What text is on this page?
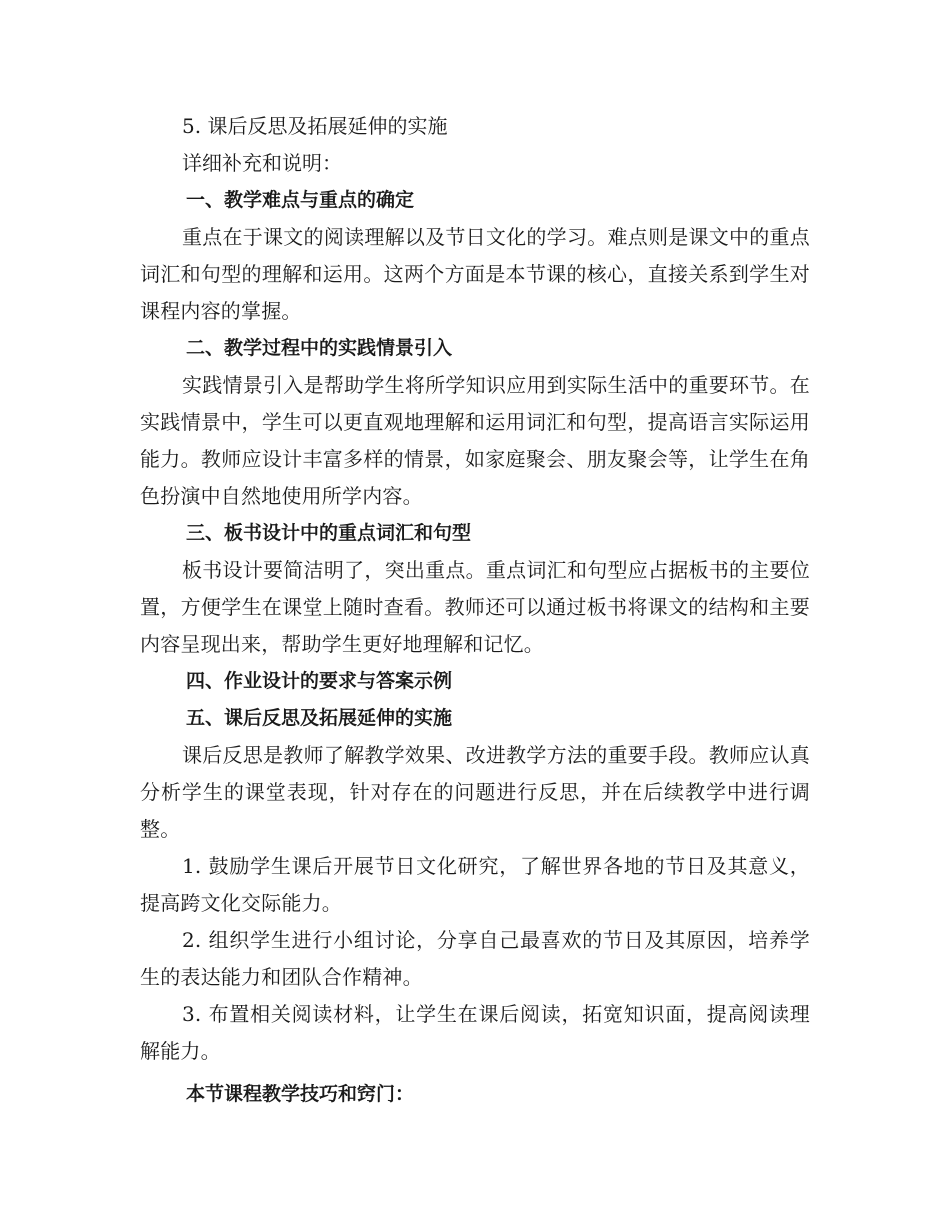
5. 课后反思及拓展延伸的实施

详细补充和说明：

一、教学难点与重点的确定

重点在于课文的阅读理解以及节日文化的学习。难点则是课文中的重点词汇和句型的理解和运用。这两个方面是本节课的核心，直接关系到学生对课程内容的掌握。

二、教学过程中的实践情景引入

实践情景引入是帮助学生将所学知识应用到实际生活中的重要环节。在实践情景中，学生可以更直观地理解和运用词汇和句型，提高语言实际运用能力。教师应设计丰富多样的情景，如家庭聚会、朋友聚会等，让学生在角色扮演中自然地使用所学内容。

三、板书设计中的重点词汇和句型

板书设计要简洁明了，突出重点。重点词汇和句型应占据板书的主要位置，方便学生在课堂上随时查看。教师还可以通过板书将课文的结构和主要内容呈现出来，帮助学生更好地理解和记忆。

四、作业设计的要求与答案示例
五、课后反思及拓展延伸的实施

课后反思是教师了解教学效果、改进教学方法的重要手段。教师应认真分析学生的课堂表现，针对存在的问题进行反思，并在后续教学中进行调整。

1. 鼓励学生课后开展节日文化研究，了解世界各地的节日及其意义，提高跨文化交际能力。

2. 组织学生进行小组讨论，分享自己最喜欢的节日及其原因，培养学生的表达能力和团队合作精神。

3. 布置相关阅读材料，让学生在课后阅读，拓宽知识面，提高阅读理解能力。

本节课程教学技巧和窍门：
